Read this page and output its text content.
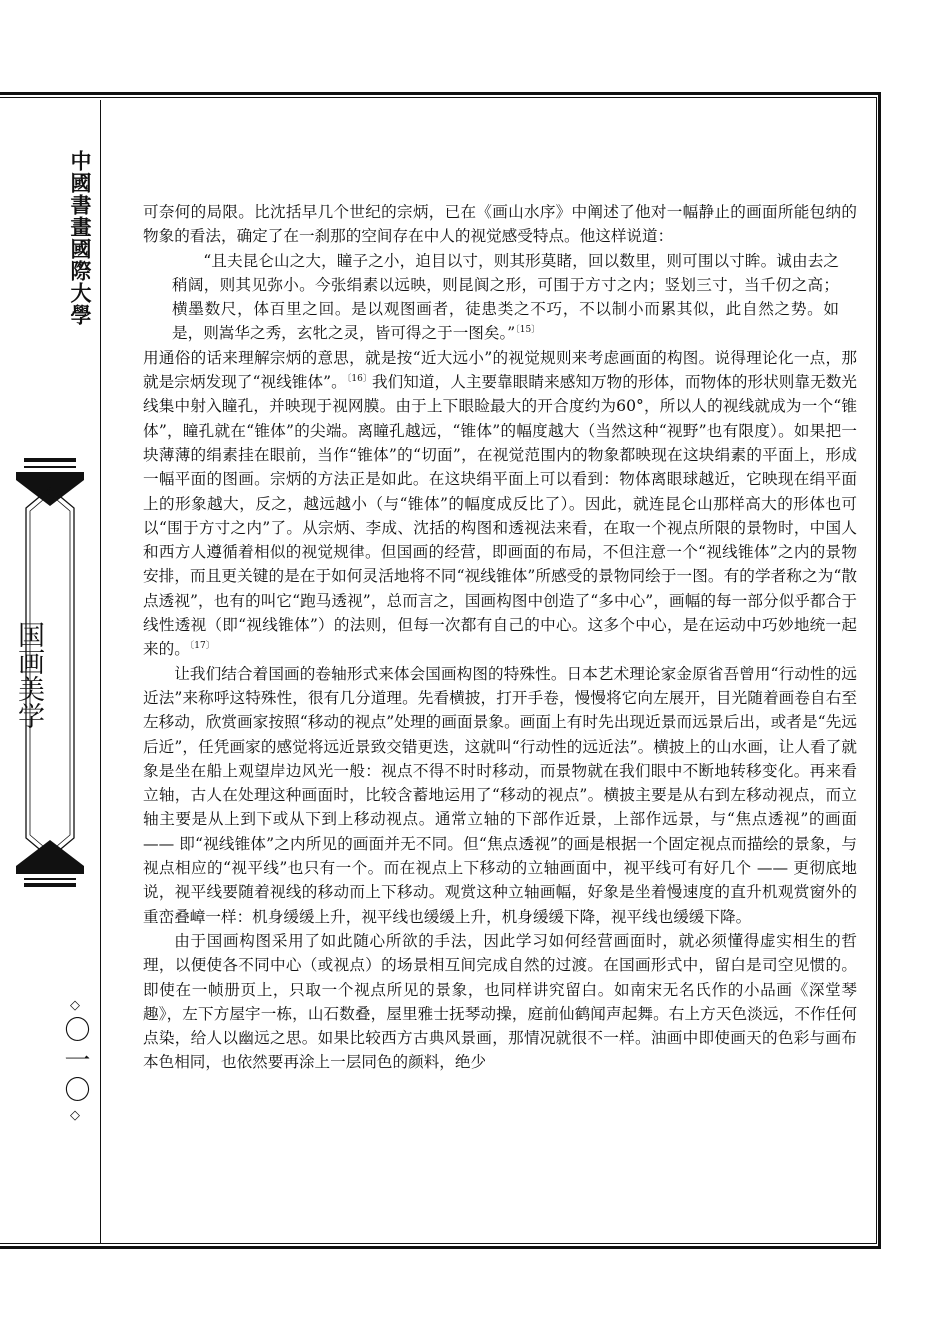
中國書畫國際大學
国画美学
◇
〇一〇
◇

可奈何的局限。比沈括早几个世纪的宗炳，已在《画山水序》中阐述了他对一幅静止的画面所能包纳的物象的看法，确定了在一刹那的空间存在中人的视觉感受特点。他这样说道：

“且夫昆仑山之大，瞳子之小，迫目以寸，则其形莫睹，回以数里，则可围以寸眸。诚由去之稍阔，则其见弥小。今张绢素以远映，则昆阆之形，可围于方寸之内；竖划三寸，当千仞之高；横墨数尺，体百里之回。是以观图画者，徒患类之不巧，不以制小而累其似，此自然之势。如是，则嵩华之秀，玄牝之灵，皆可得之于一图矣。”$^{〔15〕}$

用通俗的话来理解宗炳的意思，就是按“近大远小”的视觉规则来考虑画面的构图。说得理论化一点，那就是宗炳发现了“视线锥体”。$^{〔16〕}$我们知道，人主要靠眼睛来感知万物的形体，而物体的形状则靠无数光线集中射入瞳孔，并映现于视网膜。由于上下眼睑最大的开合度约为60°，所以人的视线就成为一个“锥体”，瞳孔就在“锥体”的尖端。离瞳孔越远，“锥体”的幅度越大（当然这种“视野”也有限度）。如果把一块薄薄的绢素挂在眼前，当作“锥体”的“切面”，在视觉范围内的物象都映现在这块绢素的平面上，形成一幅平面的图画。宗炳的方法正是如此。在这块绢平面上可以看到：物体离眼球越近，它映现在绢平面上的形象越大，反之，越远越小（与“锥体”的幅度成反比了）。因此，就连昆仑山那样高大的形体也可以“围于方寸之内”了。从宗炳、李成、沈括的构图和透视法来看，在取一个视点所限的景物时，中国人和西方人遵循着相似的视觉规律。但国画的经营，即画面的布局，不但注意一个“视线锥体”之内的景物安排，而且更关键的是在于如何灵活地将不同“视线锥体”所感受的景物同绘于一图。有的学者称之为“散点透视”，也有的叫它“跑马透视”，总而言之，国画构图中创造了“多中心”，画幅的每一部分似乎都合于线性透视（即“视线锥体”）的法则，但每一次都有自己的中心。这多个中心，是在运动中巧妙地统一起来的。$^{〔17〕}$

让我们结合着国画的卷轴形式来体会国画构图的特殊性。日本艺术理论家金原省吾曾用“行动性的远近法”来称呼这特殊性，很有几分道理。先看横披，打开手卷，慢慢将它向左展开，目光随着画卷自右至左移动，欣赏画家按照“移动的视点”处理的画面景象。画面上有时先出现近景而远景后出，或者是“先远后近”，任凭画家的感觉将远近景致交错更迭，这就叫“行动性的远近法”。横披上的山水画，让人看了就象是坐在船上观望岸边风光一般：视点不得不时时移动，而景物就在我们眼中不断地转移变化。再来看立轴，古人在处理这种画面时，比较含蓄地运用了“移动的视点”。横披主要是从右到左移动视点，而立轴主要是从上到下或从下到上移动视点。通常立轴的下部作近景，上部作远景，与“焦点透视”的画面 —— 即“视线锥体”之内所见的画面并无不同。但“焦点透视”的画是根据一个固定视点而描绘的景象，与视点相应的“视平线”也只有一个。而在视点上下移动的立轴画面中，视平线可有好几个 —— 更彻底地说，视平线要随着视线的移动而上下移动。观赏这种立轴画幅，好象是坐着慢速度的直升机观赏窗外的重峦叠嶂一样：机身缓缓上升，视平线也缓缓上升，机身缓缓下降，视平线也缓缓下降。

由于国画构图采用了如此随心所欲的手法，因此学习如何经营画面时，就必须懂得虚实相生的哲理，以便使各不同中心（或视点）的场景相互间完成自然的过渡。在国画形式中，留白是司空见惯的。即使在一帧册页上，只取一个视点所见的景象，也同样讲究留白。如南宋无名氏作的小品画《深堂琴趣》，左下方屋宇一栋，山石数叠，屋里雅士抚琴动操，庭前仙鹤闻声起舞。右上方天色淡远，不作任何点染，给人以幽远之思。如果比较西方古典风景画，那情况就很不一样。油画中即使画天的色彩与画布本色相同，也依然要再涂上一层同色的颜料，绝少
